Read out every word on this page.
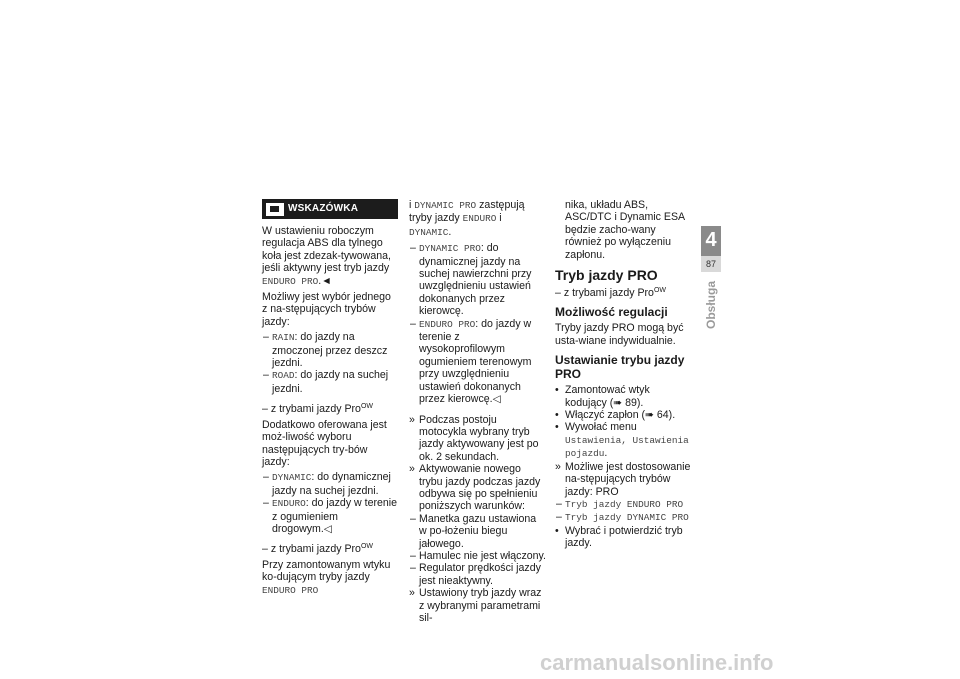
WSKAZÓWKA

W ustawieniu roboczym regulacja ABS dla tylnego koła jest zdezak-tywowana, jeśli aktywny jest tryb jazdy ENDURO PRO.◄

Możliwy jest wybór jednego z na-stępujących trybów jazdy:

– RAIN: do jazdy na zmoczonej przez deszcz jezdni.
– ROAD: do jazdy na suchej jezdni.

– z trybami jazdy Pro$^{OW}$

Dodatkowo oferowana jest moż-liwość wyboru następujących try-bów jazdy:

– DYNAMIC: do dynamicznej jazdy na suchej jezdni.
– ENDURO: do jazdy w terenie z ogumieniem drogowym.◁

– z trybami jazdy Pro$^{OW}$

Przy zamontowanym wtyku ko-dującym tryby jazdy ENDURO PRO

i DYNAMIC PRO zastępują tryby jazdy ENDURO i DYNAMIC.

– DYNAMIC PRO: do dynamicznej jazdy na suchej nawierzchni przy uwzględnieniu ustawień dokonanych przez kierowcę.
– ENDURO PRO: do jazdy w terenie z wysokoprofilowym ogumieniem terenowym przy uwzględnieniu ustawień dokonanych przez kierowcę.◁
» Podczas postoju motocykla wybrany tryb jazdy aktywowany jest po ok. 2 sekundach.
» Aktywowanie nowego trybu jazdy podczas jazdy odbywa się po spełnieniu poniższych warunków:
– Manetka gazu ustawiona w po-łożeniu biegu jałowego.
– Hamulec nie jest włączony.
– Regulator prędkości jazdy jest nieaktywny.
» Ustawiony tryb jazdy wraz z wybranymi parametrami sil-

nika, układu ABS, ASC/DTC i Dynamic ESA będzie zacho-wany również po wyłączeniu zapłonu.

Tryb jazdy PRO

– z trybami jazdy Pro$^{OW}$

Możliwość regulacji

Tryby jazdy PRO mogą być usta-wiane indywidualnie.

Ustawianie trybu jazdy PRO
• Zamontować wtyk kodujący (➠ 89).
• Włączyć zapłon (➠ 64).
• Wywołać menu Ustawienia, Ustawienia pojazdu.
» Możliwe jest dostosowanie na-stępujących trybów jazdy: PRO
– Tryb jazdy ENDURO PRO
– Tryb jazdy DYNAMIC PRO
• Wybrać i potwierdzić tryb jazdy.
4
87
Obsługa
carmanualsonline.info
